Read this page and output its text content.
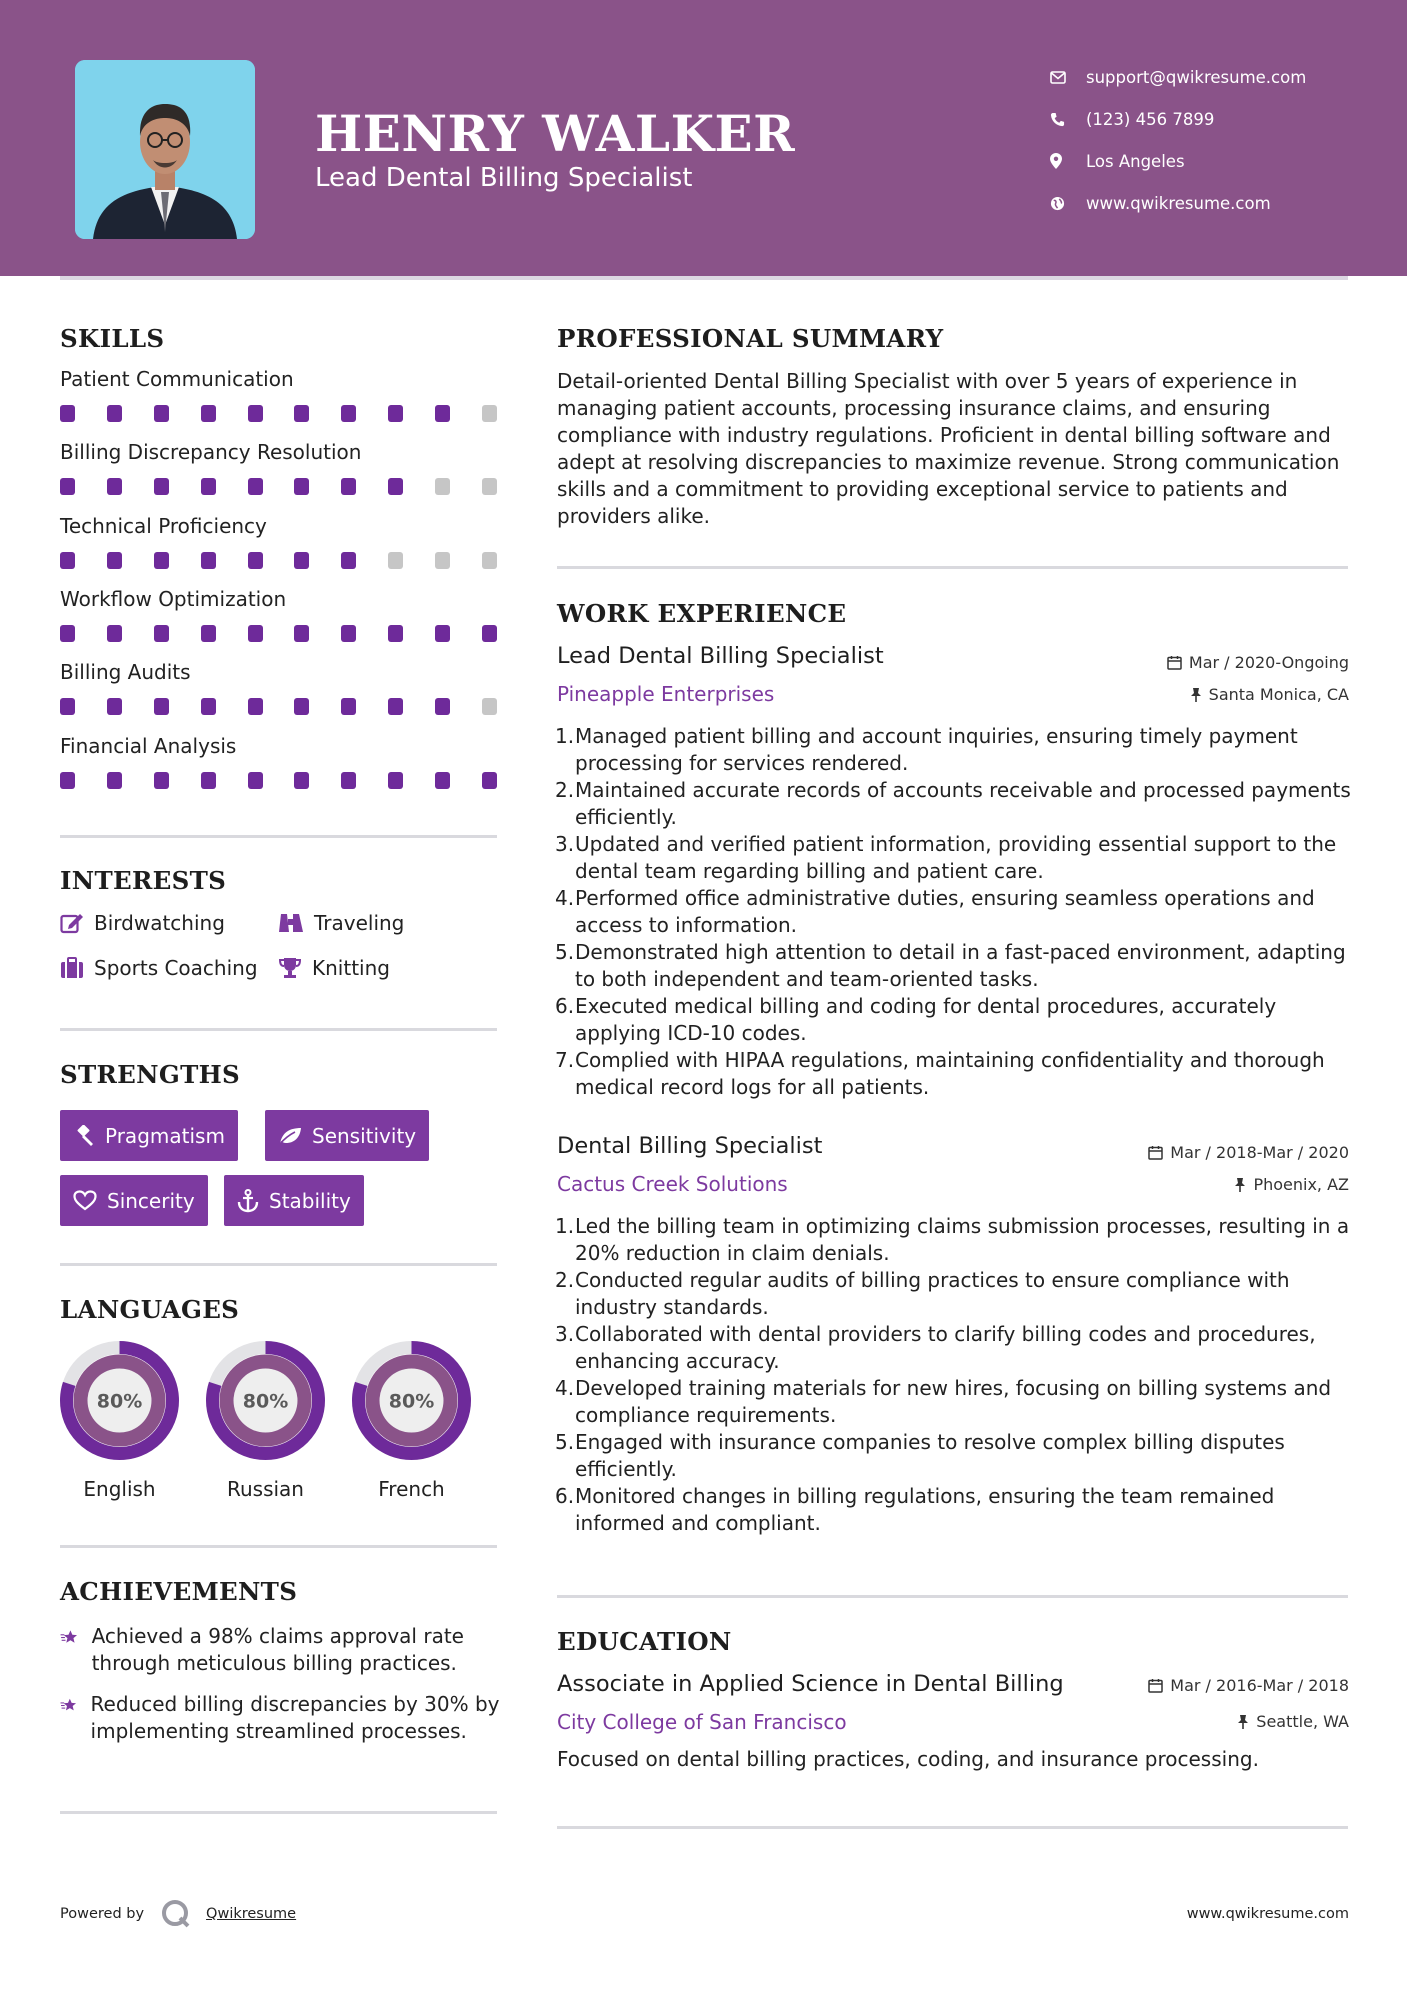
HENRY WALKER
Lead Dental Billing Specialist
support@qwikresume.com
(123) 456 7899
Los Angeles
www.qwikresume.com
SKILLS
Patient Communication
Billing Discrepancy Resolution
Technical Proficiency
Workflow Optimization
Billing Audits
Financial Analysis
INTERESTS
Birdwatching	Traveling
Sports Coaching	Knitting
STRENGTHS
Pragmatism	Sensitivity
Sincerity	Stability
LANGUAGES
80%
English
80%
Russian
80%
French
ACHIEVEMENTS
Achieved a 98% claims approval rate through meticulous billing practices.
Reduced billing discrepancies by 30% by implementing streamlined processes.
PROFESSIONAL SUMMARY
Detail-oriented Dental Billing Specialist with over 5 years of experience in managing patient accounts, processing insurance claims, and ensuring compliance with industry regulations. Proficient in dental billing software and adept at resolving discrepancies to maximize revenue. Strong communication skills and a commitment to providing exceptional service to patients and providers alike.
WORK EXPERIENCE
Lead Dental Billing Specialist	Mar / 2020-Ongoing
Pineapple Enterprises	Santa Monica, CA
Managed patient billing and account inquiries, ensuring timely payment processing for services rendered.
Maintained accurate records of accounts receivable and processed payments efficiently.
Updated and verified patient information, providing essential support to the dental team regarding billing and patient care.
Performed office administrative duties, ensuring seamless operations and access to information.
Demonstrated high attention to detail in a fast-paced environment, adapting to both independent and team-oriented tasks.
Executed medical billing and coding for dental procedures, accurately applying ICD-10 codes.
Complied with HIPAA regulations, maintaining confidentiality and thorough medical record logs for all patients.
Dental Billing Specialist	Mar / 2018-Mar / 2020
Cactus Creek Solutions	Phoenix, AZ
Led the billing team in optimizing claims submission processes, resulting in a 20% reduction in claim denials.
Conducted regular audits of billing practices to ensure compliance with industry standards.
Collaborated with dental providers to clarify billing codes and procedures, enhancing accuracy.
Developed training materials for new hires, focusing on billing systems and compliance requirements.
Engaged with insurance companies to resolve complex billing disputes efficiently.
Monitored changes in billing regulations, ensuring the team remained informed and compliant.
EDUCATION
Associate in Applied Science in Dental Billing	Mar / 2016-Mar / 2018
City College of San Francisco	Seattle, WA
Focused on dental billing practices, coding, and insurance processing.
Powered by	Qwikresume	www.qwikresume.com
